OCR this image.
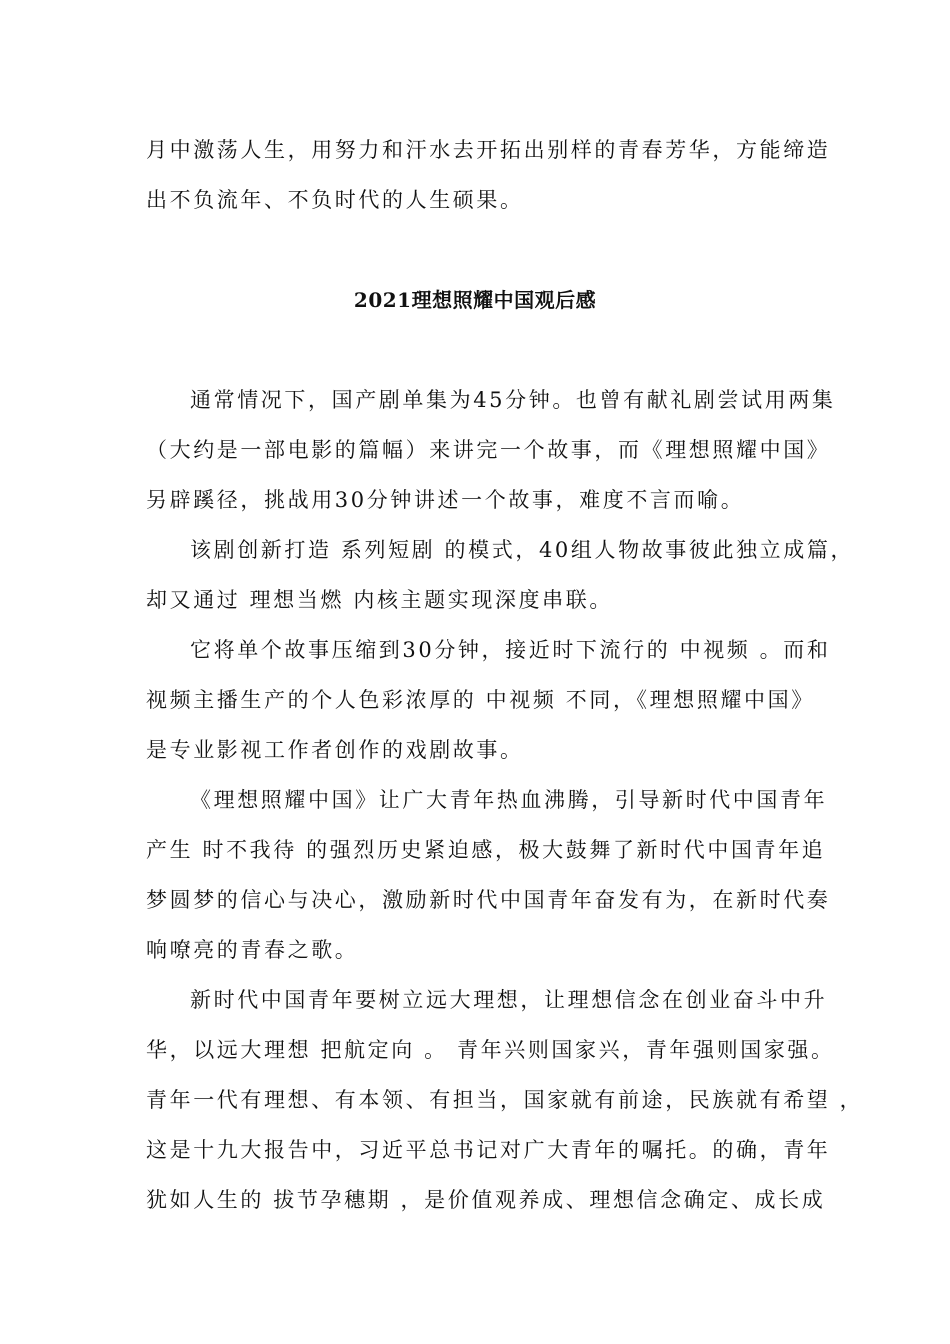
月中激荡人生，用努力和汗水去开拓出别样的青春芳华，方能缔造
出不负流年、不负时代的人生硕果。
2021理想照耀中国观后感
通常情况下，国产剧单集为45分钟。也曾有献礼剧尝试用两集
（大约是一部电影的篇幅）来讲完一个故事，而《理想照耀中国》
另辟蹊径，挑战用30分钟讲述一个故事，难度不言而喻。
该剧创新打造 系列短剧 的模式，40组人物故事彼此独立成篇，
却又通过 理想当燃 内核主题实现深度串联。
它将单个故事压缩到30分钟，接近时下流行的 中视频 。而和
视频主播生产的个人色彩浓厚的 中视频 不同，《理想照耀中国》
是专业影视工作者创作的戏剧故事。
《理想照耀中国》让广大青年热血沸腾，引导新时代中国青年
产生 时不我待 的强烈历史紧迫感，极大鼓舞了新时代中国青年追
梦圆梦的信心与决心，激励新时代中国青年奋发有为，在新时代奏
响嘹亮的青春之歌。
新时代中国青年要树立远大理想，让理想信念在创业奋斗中升
华，以远大理想 把航定向 。 青年兴则国家兴，青年强则国家强。
青年一代有理想、有本领、有担当，国家就有前途，民族就有希望 ，
这是十九大报告中，习近平总书记对广大青年的嘱托。的确，青年
犹如人生的 拔节孕穗期 ，是价值观养成、理想信念确定、成长成
